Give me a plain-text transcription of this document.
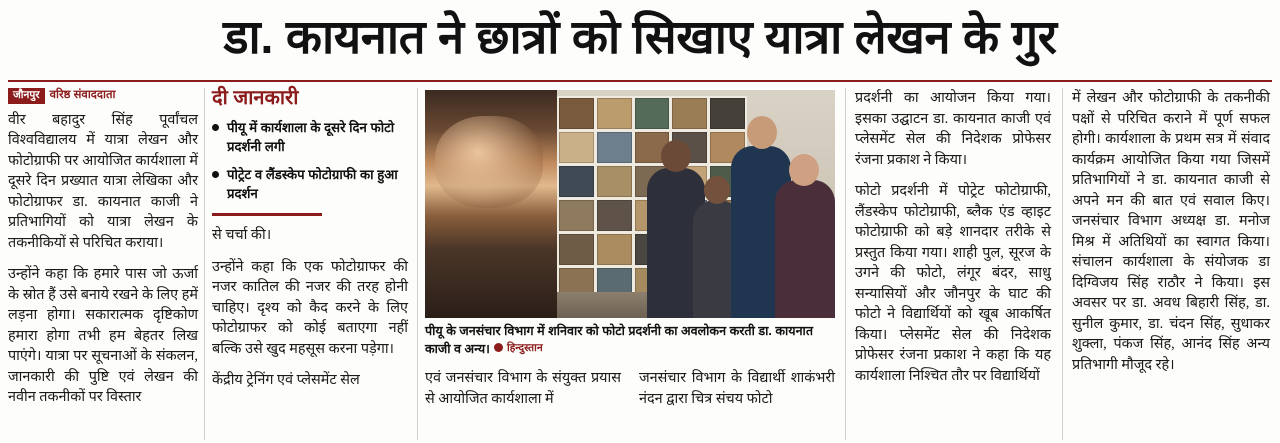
डा. कायनात ने छात्रों को सिखाए यात्रा लेखन के गुर
जौनपुर वरिष्ठ संवाददाता

वीर बहादुर सिंह पूर्वांचल विश्वविद्यालय में यात्रा लेखन और फोटोग्राफी पर आयोजित कार्यशाला में दूसरे दिन प्रख्यात यात्रा लेखिका और फोटोग्राफर डा. कायनात काजी ने प्रतिभागियों को यात्रा लेखन के तकनीकियों से परिचित कराया।

उन्होंने कहा कि हमारे पास जो ऊर्जा के स्रोत हैं उसे बनाये रखने के लिए हमें लड़ना होगा। सकारात्मक दृष्टिकोण हमारा होगा तभी हम बेहतर लिख पाएंगे। यात्रा पर सूचनाओं के संकलन, जानकारी की पुष्टि एवं लेखन की नवीन तकनीकों पर विस्तार

दी जानकारी
पीयू में कार्यशाला के दूसरे दिन फोटो प्रदर्शनी लगी
पोट्रेट व लैंडस्केप फोटोग्राफी का हुआ प्रदर्शन

से चर्चा की।

उन्होंने कहा कि एक फोटोग्राफर की नजर कातिल की नजर की तरह होनी चाहिए। दृश्य को कैद करने के लिए फोटोग्राफर को कोई बताएगा नहीं बल्कि उसे खुद महसूस करना पड़ेगा।

केंद्रीय ट्रेनिंग एवं प्लेसमेंट सेल

पीयू के जनसंचार विभाग में शनिवार को फोटो प्रदर्शनी का अवलोकन करती डा. कायनात काजी व अन्य। हिन्दुस्तान

एवं जनसंचार विभाग के संयुक्त प्रयास से आयोजित कार्यशाला में

जनसंचार विभाग के विद्यार्थी शाकंभरी नंदन द्वारा चित्र संचय फोटो

प्रदर्शनी का आयोजन किया गया। इसका उद्घाटन डा. कायनात काजी एवं प्लेसमेंट सेल की निदेशक प्रोफेसर रंजना प्रकाश ने किया।

फोटो प्रदर्शनी में पोट्रेट फोटोग्राफी, लैंडस्केप फोटोग्राफी, ब्लैक एंड व्हाइट फोटोग्राफी को बड़े शानदार तरीके से प्रस्तुत किया गया। शाही पुल, सूरज के उगने की फोटो, लंगूर बंदर, साधु सन्यासियों और जौनपुर के घाट की फोटो ने विद्यार्थियों को खूब आकर्षित किया। प्लेसमेंट सेल की निदेशक प्रोफेसर रंजना प्रकाश ने कहा कि यह कार्यशाला निश्चित तौर पर विद्यार्थियों

में लेखन और फोटोग्राफी के तकनीकी पक्षों से परिचित कराने में पूर्ण सफल होगी। कार्यशाला के प्रथम सत्र में संवाद कार्यक्रम आयोजित किया गया जिसमें प्रतिभागियों ने डा. कायनात काजी से अपने मन की बात एवं सवाल किए। जनसंचार विभाग अध्यक्ष डा. मनोज मिश्र में अतिथियों का स्वागत किया। संचालन कार्यशाला के संयोजक डा दिग्विजय सिंह राठौर ने किया। इस अवसर पर डा. अवध बिहारी सिंह, डा. सुनील कुमार, डा. चंदन सिंह, सुधाकर शुक्ला, पंकज सिंह, आनंद सिंह अन्य प्रतिभागी मौजूद रहे।
